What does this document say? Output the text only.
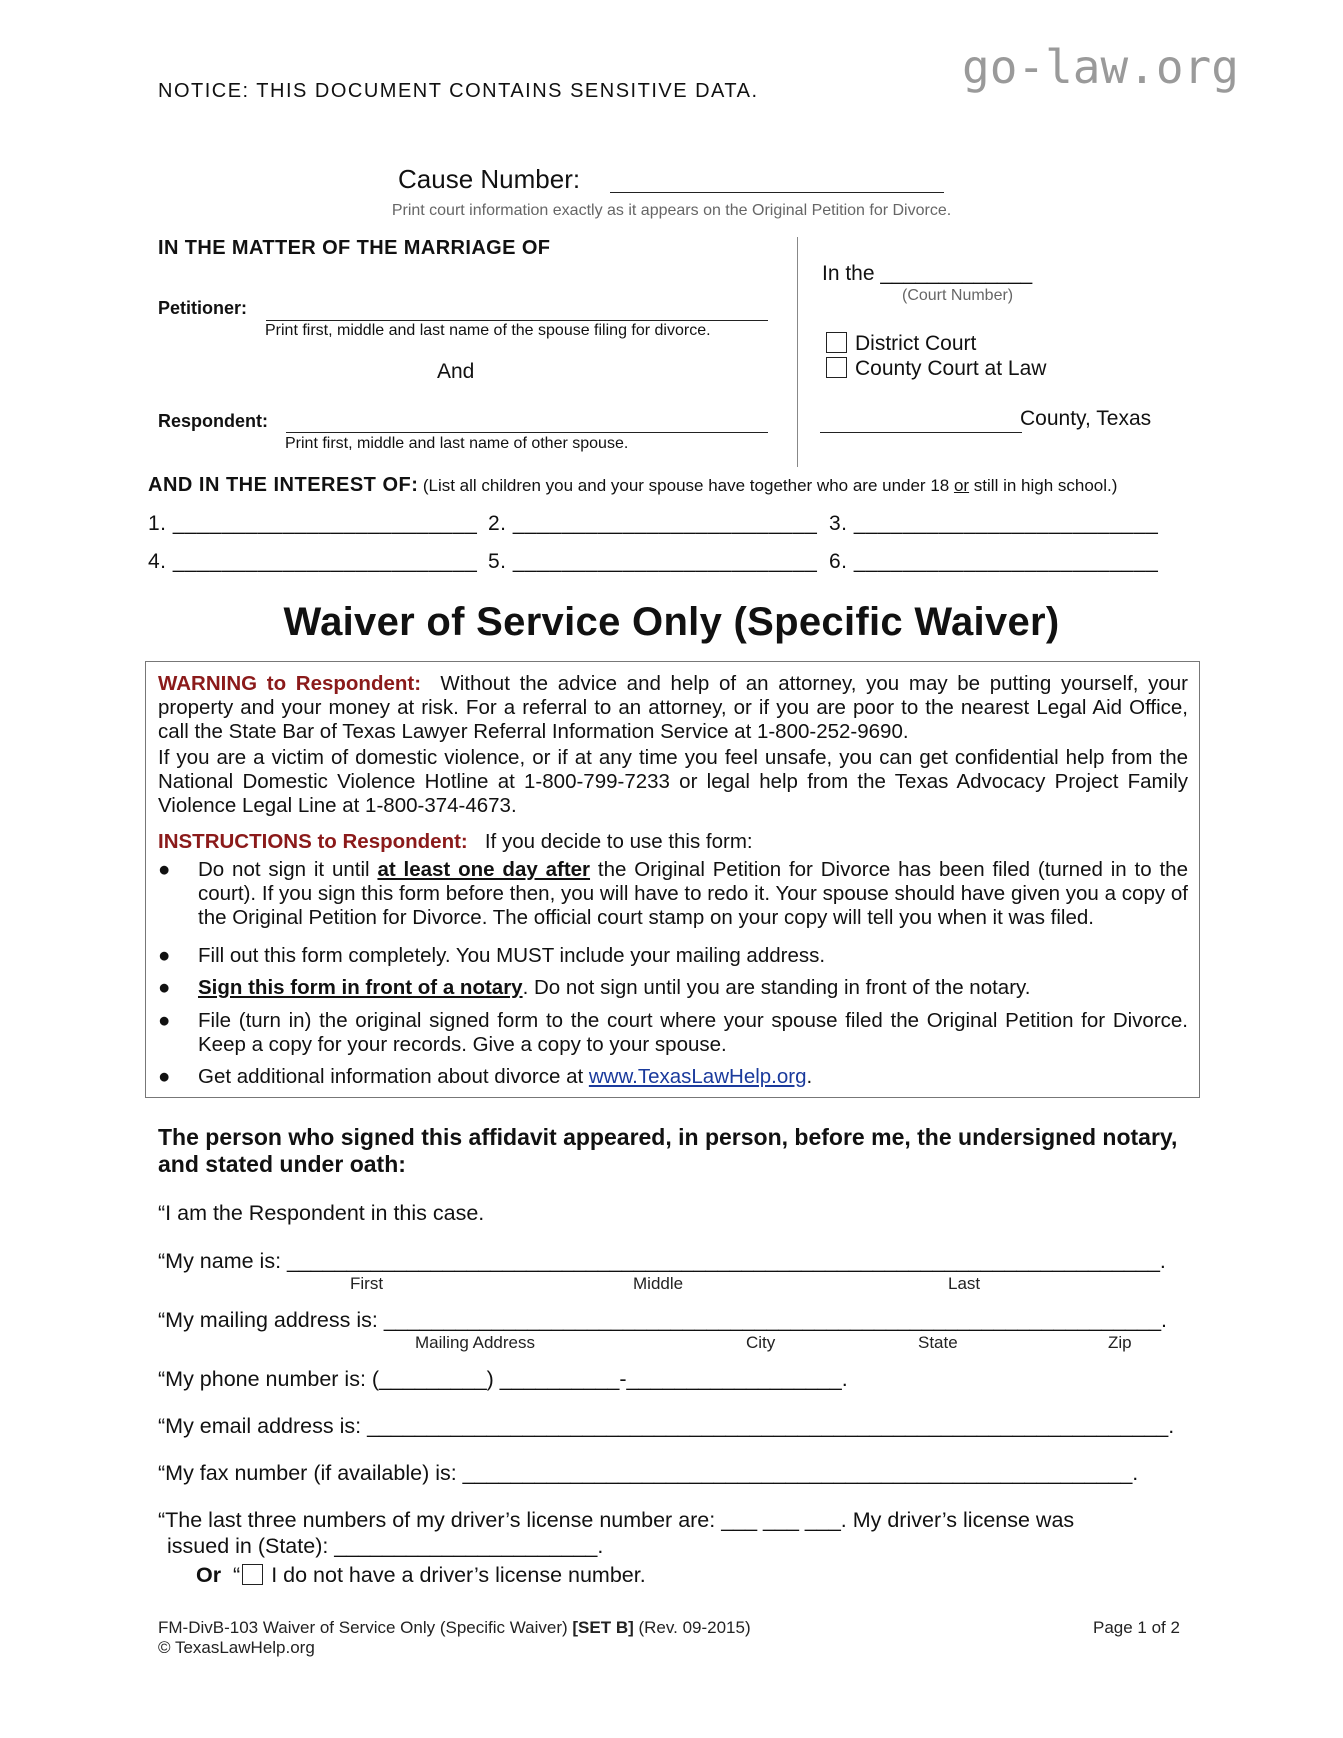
NOTICE: THIS DOCUMENT CONTAINS SENSITIVE DATA.	go-law.org
Cause Number:
Print court information exactly as it appears on the Original Petition for Divorce.
IN THE MATTER OF THE MARRIAGE OF
Petitioner:
Print first, middle and last name of the spouse filing for divorce.
And
Respondent:
Print first, middle and last name of other spouse.
In the _____________
(Court Number)
District Court
County Court at Law
County, Texas
AND IN THE INTEREST OF: (List all children you and your spouse have together who are under 18 or still in high school.)
1. _________________________ 2. _________________________ 3. _________________________
4. _________________________ 5. _________________________ 6. _________________________
Waiver of Service Only (Specific Waiver)
WARNING to Respondent: Without the advice and help of an attorney, you may be putting yourself, your property and your money at risk. For a referral to an attorney, or if you are poor to the nearest Legal Aid Office, call the State Bar of Texas Lawyer Referral Information Service at 1-800-252-9690.
If you are a victim of domestic violence, or if at any time you feel unsafe, you can get confidential help from the National Domestic Violence Hotline at 1-800-799-7233 or legal help from the Texas Advocacy Project Family Violence Legal Line at 1-800-374-4673.
INSTRUCTIONS to Respondent: If you decide to use this form:
● Do not sign it until at least one day after the Original Petition for Divorce has been filed (turned in to the court). If you sign this form before then, you will have to redo it. Your spouse should have given you a copy of the Original Petition for Divorce. The official court stamp on your copy will tell you when it was filed.
● Fill out this form completely. You MUST include your mailing address.
● Sign this form in front of a notary. Do not sign until you are standing in front of the notary.
● File (turn in) the original signed form to the court where your spouse filed the Original Petition for Divorce. Keep a copy for your records. Give a copy to your spouse.
● Get additional information about divorce at www.TexasLawHelp.org.
The person who signed this affidavit appeared, in person, before me, the undersigned notary, and stated under oath:
“I am the Respondent in this case.
“My name is: _________________________________________________________________________.
First	Middle	Last
“My mailing address is: _________________________________________________________________.
Mailing Address	City	State	Zip
“My phone number is: (_________) __________-__________________.
“My email address is: ___________________________________________________________________.
“My fax number (if available) is: ________________________________________________________.
“The last three numbers of my driver’s license number are: ___ ___ ___. My driver’s license was
issued in (State): ______________________.
Or “ I do not have a driver’s license number.
FM-DivB-103 Waiver of Service Only (Specific Waiver) [SET B] (Rev. 09-2015)
© TexasLawHelp.org
Page 1 of 2
